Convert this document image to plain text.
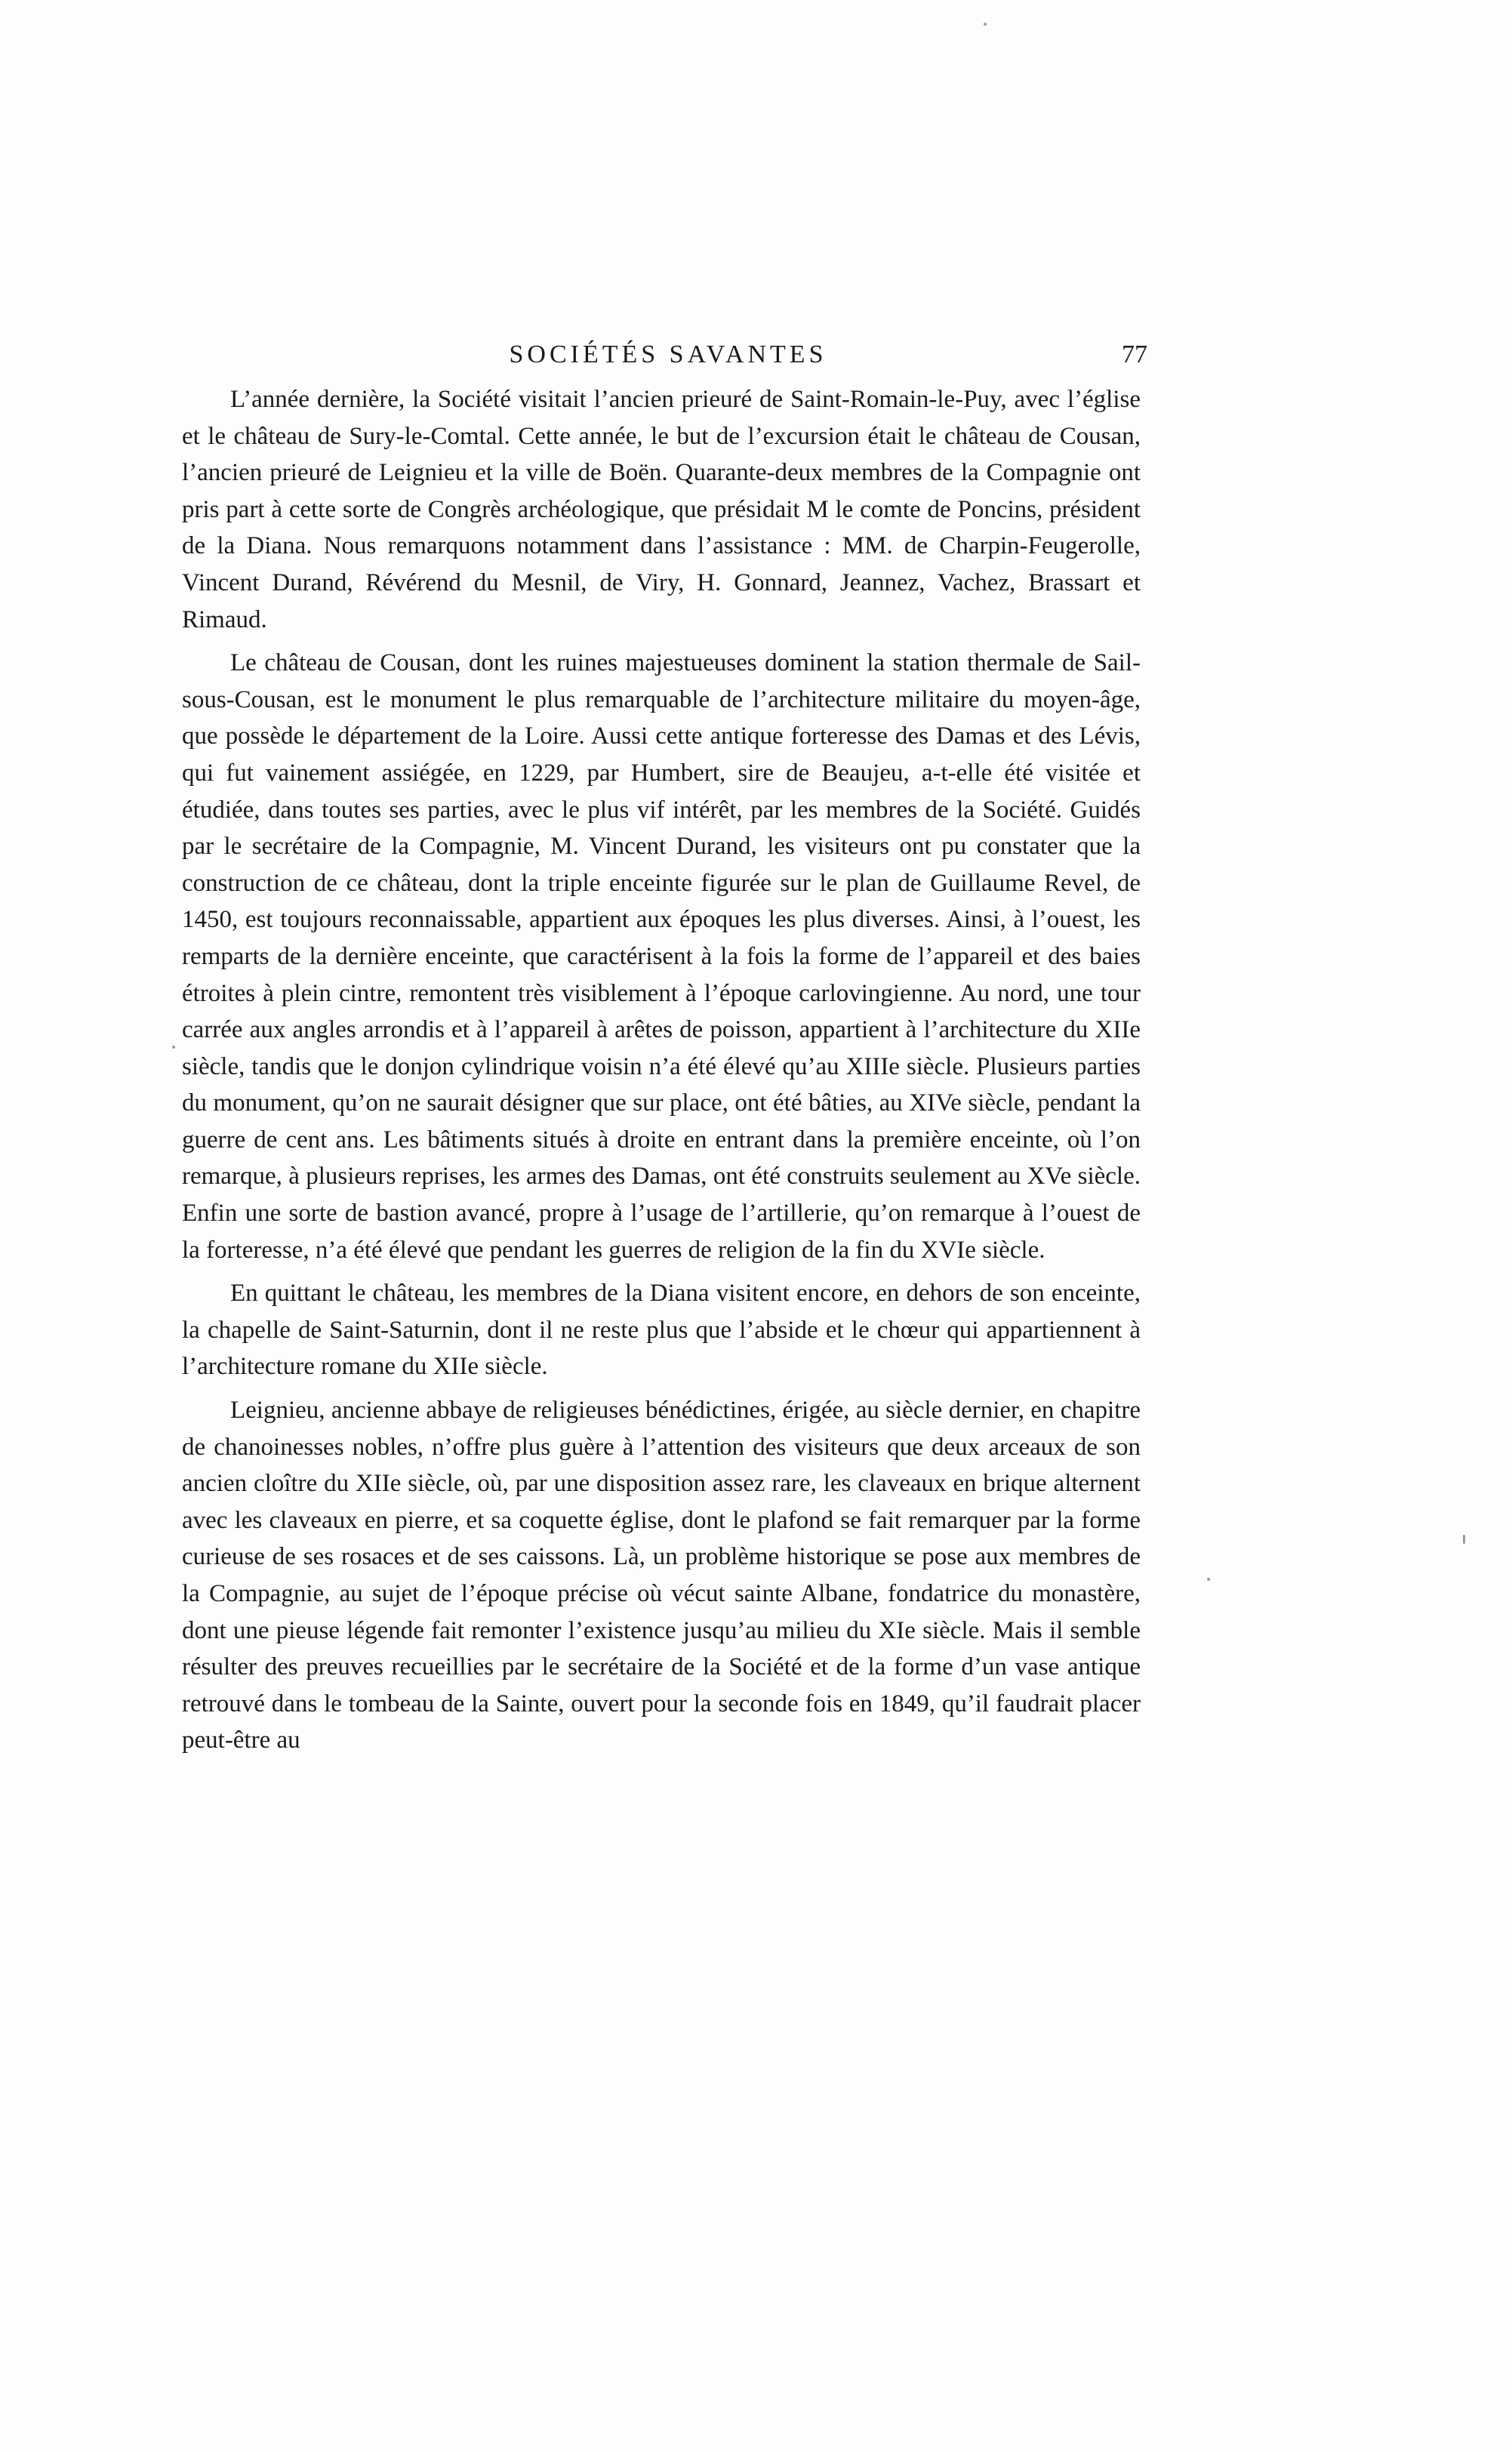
SOCIÉTÉS SAVANTES	77

L’année dernière, la Société visitait l’ancien prieuré de Saint-Romain-le-Puy, avec l’église et le château de Sury-le-Comtal. Cette année, le but de l’excursion était le château de Cousan, l’ancien prieuré de Leignieu et la ville de Boën. Quarante-deux membres de la Compagnie ont pris part à cette sorte de Congrès archéologique, que présidait M le comte de Poncins, président de la Diana. Nous remarquons notamment dans l’assistance : MM. de Charpin-Feugerolle, Vincent Durand, Révérend du Mesnil, de Viry, H. Gonnard, Jeannez, Vachez, Brassart et Rimaud.

Le château de Cousan, dont les ruines majestueuses dominent la station thermale de Sail-sous-Cousan, est le monument le plus remarquable de l’architecture militaire du moyen-âge, que possède le département de la Loire. Aussi cette antique forteresse des Damas et des Lévis, qui fut vainement assiégée, en 1229, par Humbert, sire de Beaujeu, a-t-elle été visitée et étudiée, dans toutes ses parties, avec le plus vif intérêt, par les membres de la Société. Guidés par le secrétaire de la Compagnie, M. Vincent Durand, les visiteurs ont pu constater que la construction de ce château, dont la triple enceinte figurée sur le plan de Guillaume Revel, de 1450, est toujours reconnaissable, appartient aux époques les plus diverses. Ainsi, à l’ouest, les remparts de la dernière enceinte, que caractérisent à la fois la forme de l’appareil et des baies étroites à plein cintre, remontent très visiblement à l’époque carlovingienne. Au nord, une tour carrée aux angles arrondis et à l’appareil à arêtes de poisson, appartient à l’architecture du XIIe siècle, tandis que le donjon cylindrique voisin n’a été élevé qu’au XIIIe siècle. Plusieurs parties du monument, qu’on ne saurait désigner que sur place, ont été bâties, au XIVe siècle, pendant la guerre de cent ans. Les bâtiments situés à droite en entrant dans la première enceinte, où l’on remarque, à plusieurs reprises, les armes des Damas, ont été construits seulement au XVe siècle. Enfin une sorte de bastion avancé, propre à l’usage de l’artillerie, qu’on remarque à l’ouest de la forteresse, n’a été élevé que pendant les guerres de religion de la fin du XVIe siècle.

En quittant le château, les membres de la Diana visitent encore, en dehors de son enceinte, la chapelle de Saint-Saturnin, dont il ne reste plus que l’abside et le chœur qui appartiennent à l’architecture romane du XIIe siècle.

Leignieu, ancienne abbaye de religieuses bénédictines, érigée, au siècle dernier, en chapitre de chanoinesses nobles, n’offre plus guère à l’attention des visiteurs que deux arceaux de son ancien cloître du XIIe siècle, où, par une disposition assez rare, les claveaux en brique alternent avec les claveaux en pierre, et sa coquette église, dont le plafond se fait remarquer par la forme curieuse de ses rosaces et de ses caissons. Là, un problème historique se pose aux membres de la Compagnie, au sujet de l’époque précise où vécut sainte Albane, fondatrice du monastère, dont une pieuse légende fait remonter l’existence jusqu’au milieu du XIe siècle. Mais il semble résulter des preuves recueillies par le secrétaire de la Société et de la forme d’un vase antique retrouvé dans le tombeau de la Sainte, ouvert pour la seconde fois en 1849, qu’il faudrait placer peut-être au
